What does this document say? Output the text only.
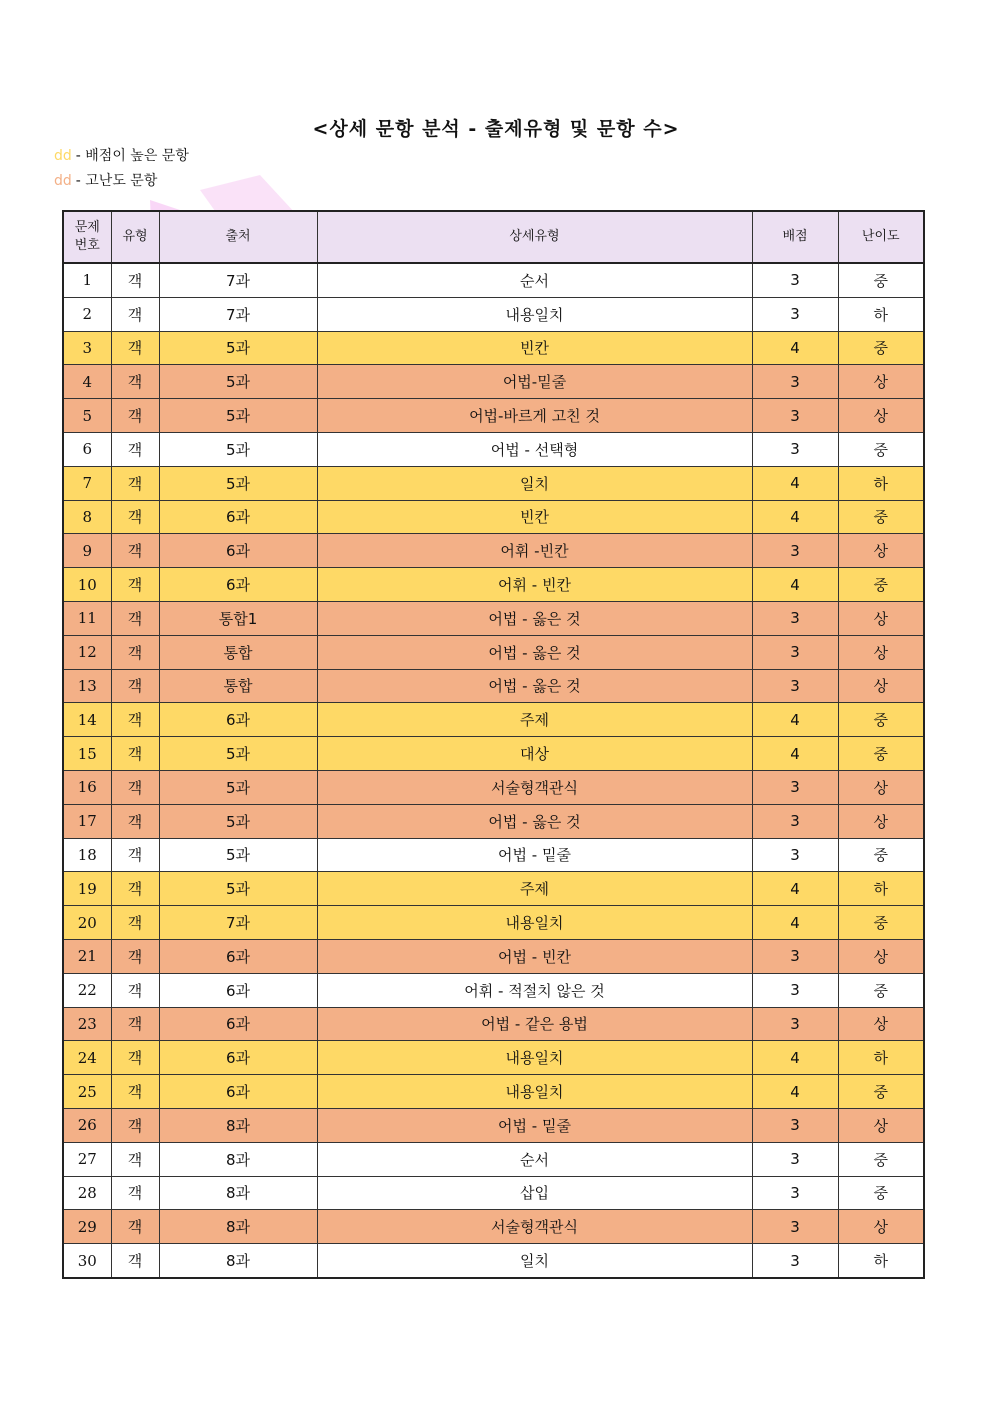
<상세 문항 분석 - 출제유형 및 문항 수>
dd - 배점이 높은 문항
dd - 고난도 문항
문제
번호	유형	출처	상세유형	배점	난이도
1	객	7과	순서	3	중
2	객	7과	내용일치	3	하
3	객	5과	빈칸	4	중
4	객	5과	어법-밑줄	3	상
5	객	5과	어법-바르게 고친 것	3	상
6	객	5과	어법 - 선택형	3	중
7	객	5과	일치	4	하
8	객	6과	빈칸	4	중
9	객	6과	어휘 -빈칸	3	상
10	객	6과	어휘 - 빈칸	4	중
11	객	통합1	어법 - 옳은 것	3	상
12	객	통합	어법 - 옳은 것	3	상
13	객	통합	어법 - 옳은 것	3	상
14	객	6과	주제	4	중
15	객	5과	대상	4	중
16	객	5과	서술형객관식	3	상
17	객	5과	어법 - 옳은 것	3	상
18	객	5과	어법 - 밑줄	3	중
19	객	5과	주제	4	하
20	객	7과	내용일치	4	중
21	객	6과	어법 - 빈칸	3	상
22	객	6과	어휘 - 적절치 않은 것	3	중
23	객	6과	어법 - 같은 용법	3	상
24	객	6과	내용일치	4	하
25	객	6과	내용일치	4	중
26	객	8과	어법 - 밑줄	3	상
27	객	8과	순서	3	중
28	객	8과	삽입	3	중
29	객	8과	서술형객관식	3	상
30	객	8과	일치	3	하
